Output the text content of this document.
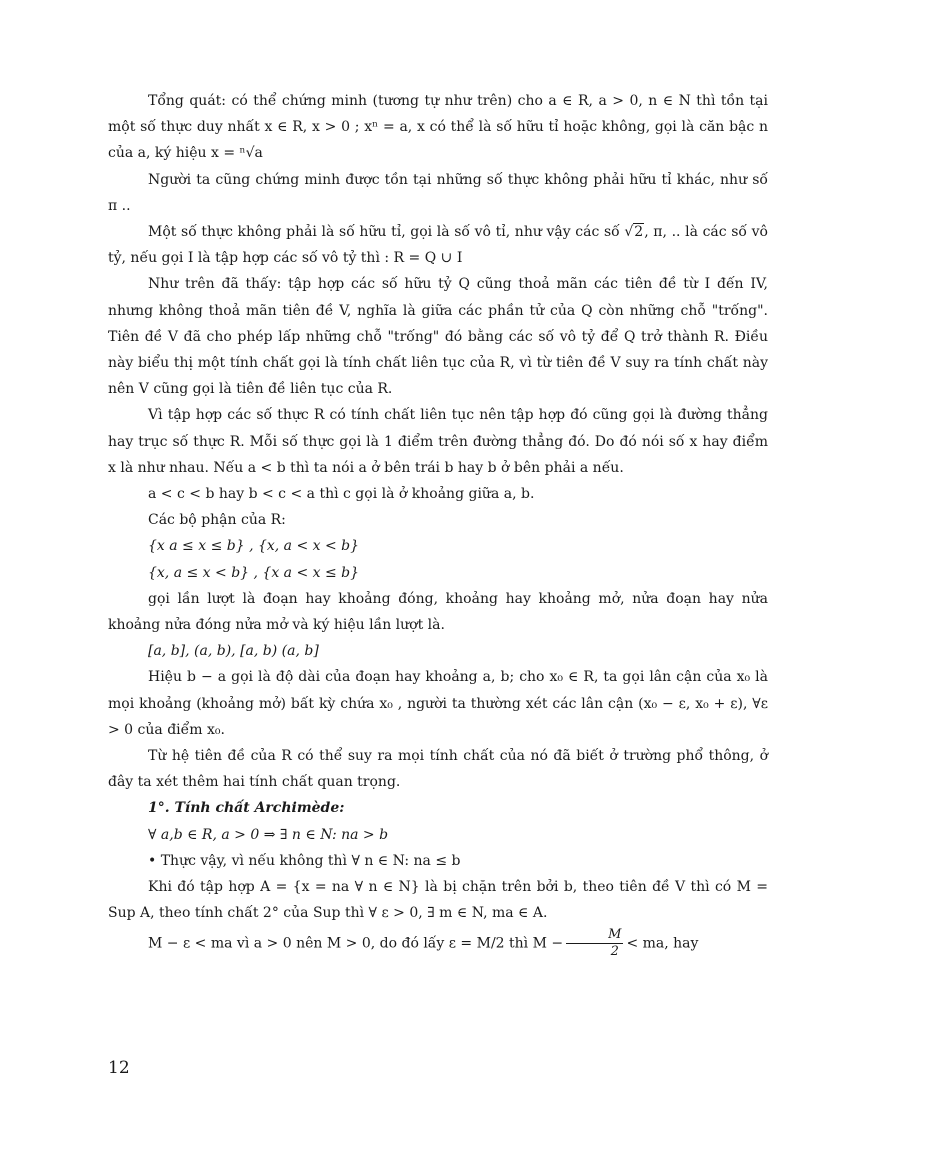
Tổng quát: có thể chứng minh (tương tự như trên) cho a ∈ R, a > 0, n ∈ N thì tồn tại một số thực duy nhất x ∈ R, x > 0 ; xⁿ = a, x có thể là số hữu tỉ hoặc không, gọi là căn bậc n của a, ký hiệu x = ⁿ√a

Người ta cũng chứng minh được tồn tại những số thực không phải hữu tỉ khác, như số π ..

Một số thực không phải là số hữu tỉ, gọi là số vô tỉ, như vậy các số √2, π, .. là các số vô tỷ, nếu gọi I là tập hợp các số vô tỷ thì : R = Q ∪ I

Như trên đã thấy: tập hợp các số hữu tỷ Q cũng thoả mãn các tiên đề từ I đến IV, nhưng không thoả mãn tiên đề V, nghĩa là giữa các phần tử của Q còn những chỗ "trống". Tiên đề V đã cho phép lấp những chỗ "trống" đó bằng các số vô tỷ để Q trở thành R. Điều này biểu thị một tính chất gọi là tính chất liên tục của R, vì từ tiên đề V suy ra tính chất này nên V cũng gọi là tiên đề liên tục của R.

Vì tập hợp các số thực R có tính chất liên tục nên tập hợp đó cũng gọi là đường thẳng hay trục số thực R. Mỗi số thực gọi là 1 điểm trên đường thẳng đó. Do đó nói số x hay điểm x là như nhau. Nếu a < b thì ta nói a ở bên trái b hay b ở bên phải a nếu.

a < c < b hay b < c < a thì c gọi là ở khoảng giữa a, b.

Các bộ phận của R:

{x a ≤ x ≤ b} , {x, a < x < b}

{x, a ≤ x < b} , {x a < x ≤ b}

gọi lần lượt là đoạn hay khoảng đóng, khoảng hay khoảng mở, nửa đoạn hay nửa khoảng nửa đóng nửa mở và ký hiệu lần lượt là.

[a, b], (a, b), [a, b) (a, b]

Hiệu b − a gọi là độ dài của đoạn hay khoảng a, b; cho x₀ ∈ R, ta gọi lân cận của x₀ là mọi khoảng (khoảng mở) bất kỳ chứa x₀ , người ta thường xét các lân cận (x₀ − ε, x₀ + ε), ∀ε > 0 của điểm x₀.

Từ hệ tiên đề của R có thể suy ra mọi tính chất của nó đã biết ở trường phổ thông, ở đây ta xét thêm hai tính chất quan trọng.

1°. Tính chất Archimède:

∀ a,b ∈ R, a > 0 ⇒ ∃ n ∈ N: na > b

• Thực vậy, vì nếu không thì ∀ n ∈ N: na ≤ b

Khi đó tập hợp A = {x = na ∀ n ∈ N} là bị chặn trên bởi b, theo tiên đề V thì có M = Sup A, theo tính chất 2° của Sup thì ∀ ε > 0, ∃ m ∈ N, ma ∈ A.

M − ε < ma vì a > 0 nên M > 0, do đó lấy ε = M/2 thì $M - \frac{M}{2}$ < ma, hay

12
